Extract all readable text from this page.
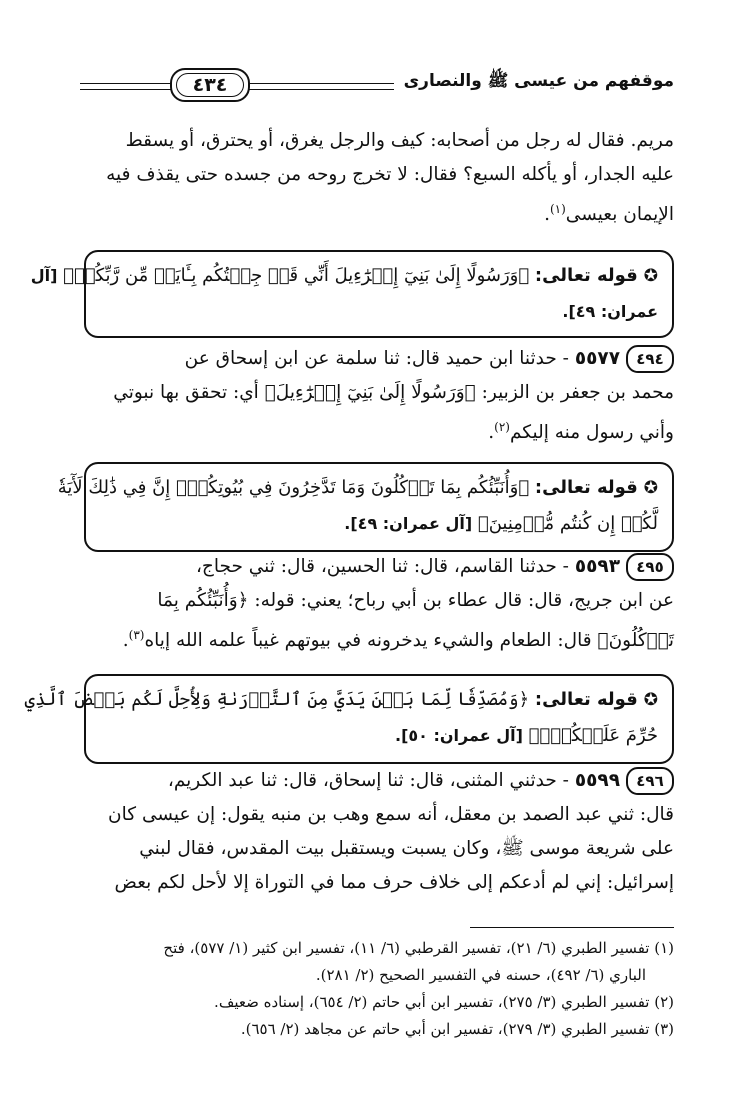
موقفهم من عيسى ﷺ والنصارى
٤٣٤
مريم. فقال له رجل من أصحابه: كيف والرجل يغرق، أو يحترق، أو يسقط
عليه الجدار، أو يأكله السبع؟ فقال: لا تخرج روحه من جسده حتى يقذف فيه
الإيمان بعيسى$^{(١)}$.
✪قوله تعالى: ﴿وَرَسُولًا إِلَىٰ بَنِيٓ إِسۡرَٰٓءِيلَ أَنِّي قَدۡ جِئۡتُكُم بِـَٔايَةٖ مِّن رَّبِّكُمۡ﴾ [آل
عمران: ٤٩].
٤٩٤٥٥٧٧ - حدثنا ابن حميد قال: ثنا سلمة عن ابن إسحاق عن
محمد بن جعفر بن الزبير: ﴿وَرَسُولًا إِلَىٰ بَنِيٓ إِسۡرَٰٓءِيلَ﴾ أي: تحقق بها نبوتي
وأني رسول منه إليكم$^{(٢)}$.
✪قوله تعالى: ﴿وَأُنَبِّئُكُم بِمَا تَأۡكُلُونَ وَمَا تَدَّخِرُونَ فِي بُيُوتِكُمۡۚ إِنَّ فِي ذَٰلِكَ لَأٓيَةٗ
لَّكُمۡ إِن كُنتُم مُّؤۡمِنِينَ﴾ [آل عمران: ٤٩].
٤٩٥٥٥٩٣ - حدثنا القاسم، قال: ثنا الحسين، قال: ثني حجاج،
عن ابن جريج، قال: قال عطاء بن أبي رباح؛ يعني: قوله: ﴿وَأُنَبِّئُكُم بِمَا
تَأۡكُلُونَ﴾ قال: الطعام والشيء يدخرونه في بيوتهم غيباً علمه الله إياه$^{(٣)}$.
✪قوله تعالى: ﴿وَمُصَدِّقٗا لِّمَا بَيۡنَ يَدَيَّ مِنَ ٱلتَّوۡرَىٰةِ وَلِأُحِلَّ لَكُم بَعۡضَ ٱلَّذِي
حُرِّمَ عَلَيۡكُمۡۚ﴾ [آل عمران: ٥٠].
٤٩٦٥٥٩٩ - حدثني المثنى، قال: ثنا إسحاق، قال: ثنا عبد الكريم،
قال: ثني عبد الصمد بن معقل، أنه سمع وهب بن منبه يقول: إن عيسى كان
على شريعة موسى ﷺ، وكان يسبت ويستقبل بيت المقدس، فقال لبني
إسرائيل: إني لم أدعكم إلى خلاف حرف مما في التوراة إلا لأحل لكم بعض
(١) تفسير الطبري (٦/ ٢١)، تفسير القرطبي (٦/ ١١)، تفسير ابن كثير (١/ ٥٧٧)، فتح
الباري (٦/ ٤٩٢)، حسنه في التفسير الصحيح (٢/ ٢٨١).
(٢) تفسير الطبري (٣/ ٢٧٥)، تفسير ابن أبي حاتم (٢/ ٦٥٤)، إسناده ضعيف.
(٣) تفسير الطبري (٣/ ٢٧٩)، تفسير ابن أبي حاتم عن مجاهد (٢/ ٦٥٦).
